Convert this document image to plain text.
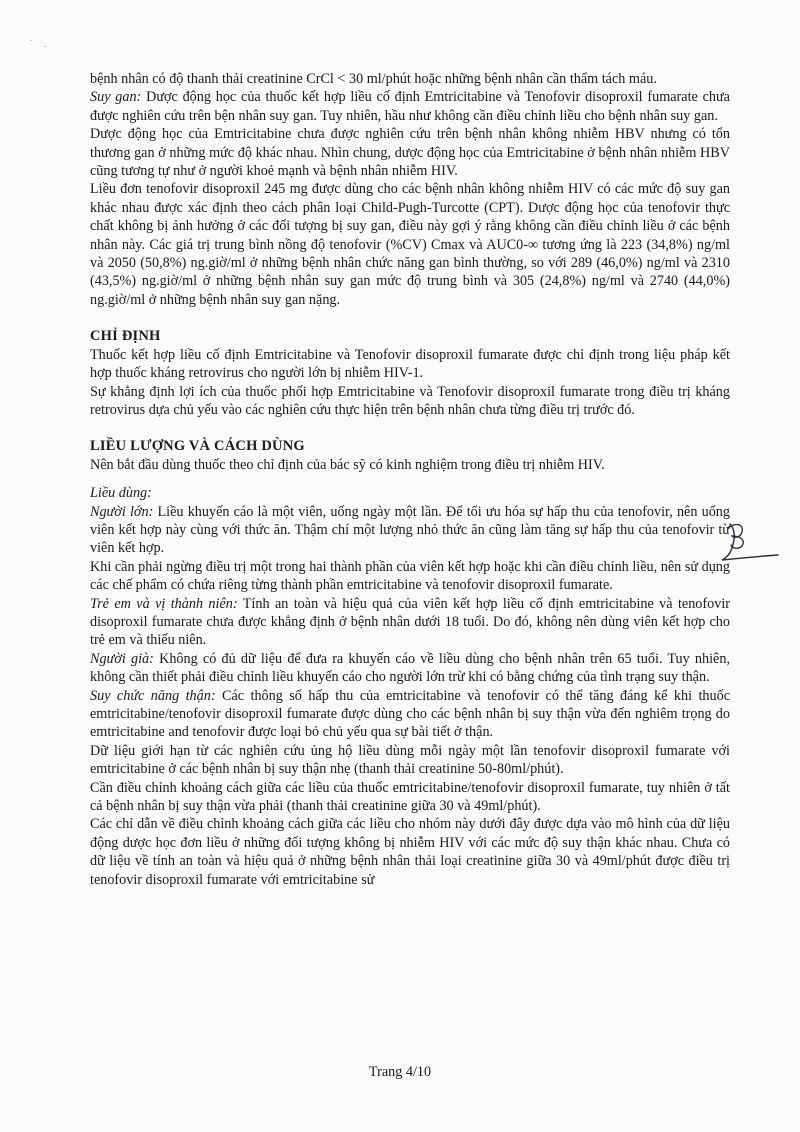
bệnh nhân có độ thanh thải creatinine CrCl < 30 ml/phút hoặc những bệnh nhân cần thẩm tách máu.

Suy gan: Dược động học của thuốc kết hợp liều cố định Emtricitabine và Tenofovir disoproxil fumarate chưa được nghiên cứu trên bện nhân suy gan. Tuy nhiên, hầu như không cần điều chỉnh liều cho bệnh nhân suy gan.

Dược động học của Emtricitabine chưa được nghiên cứu trên bệnh nhân không nhiễm HBV nhưng có tổn thương gan ở những mức độ khác nhau. Nhìn chung, dược động học của Emtricitabine ở bệnh nhân nhiễm HBV cũng tương tự như ở người khoẻ mạnh và bệnh nhân nhiễm HIV.

Liều đơn tenofovir disoproxil 245 mg được dùng cho các bệnh nhân không nhiễm HIV có các mức độ suy gan khác nhau được xác định theo cách phân loại Child-Pugh-Turcotte (CPT). Dược động học của tenofovir thực chất không bị ảnh hưởng ở các đối tượng bị suy gan, điều này gợi ý rằng không cần điều chỉnh liều ở các bệnh nhân này. Các giá trị trung bình nồng độ tenofovir (%CV) Cmax và AUC0-∞ tương ứng là 223 (34,8%) ng/ml và 2050 (50,8%) ng.giờ/ml ở những bệnh nhân chức năng gan bình thường, so với 289 (46,0%) ng/ml và 2310 (43,5%) ng.giờ/ml ở những bệnh nhân suy gan mức độ trung bình và 305 (24,8%) ng/ml và 2740 (44,0%) ng.giờ/ml ở những bệnh nhân suy gan nặng.

CHỈ ĐỊNH

Thuốc kết hợp liều cố định Emtricitabine và Tenofovir disoproxil fumarate được chỉ định trong liệu pháp kết hợp thuốc kháng retrovirus cho người lớn bị nhiễm HIV-1.

Sự khẳng định lợi ích của thuốc phối hợp Emtricitabine và Tenofovir disoproxil fumarate trong điều trị kháng retrovirus dựa chủ yếu vào các nghiên cứu thực hiện trên bệnh nhân chưa từng điều trị trước đó.

LIỀU LƯỢNG VÀ CÁCH DÙNG

Nên bắt đầu dùng thuốc theo chỉ định của bác sỹ có kinh nghiệm trong điều trị nhiễm HIV.

Liều dùng:

Người lớn: Liều khuyến cáo là một viên, uống ngày một lần. Để tối ưu hóa sự hấp thu của tenofovir, nên uống viên kết hợp này cùng với thức ăn. Thậm chí một lượng nhỏ thức ăn cũng làm tăng sự hấp thu của tenofovir từ viên kết hợp.

Khi cần phải ngừng điều trị một trong hai thành phần của viên kết hợp hoặc khi cần điều chỉnh liều, nên sử dụng các chế phẩm có chứa riêng từng thành phần emtricitabine và tenofovir disoproxil fumarate.

Trẻ em và vị thành niên: Tính an toàn và hiệu quả của viên kết hợp liều cố định emtricitabine và tenofovir disoproxil fumarate chưa được khẳng định ở bệnh nhân dưới 18 tuổi. Do đó, không nên dùng viên kết hợp cho trẻ em và thiếu niên.

Người già: Không có đủ dữ liệu để đưa ra khuyến cáo về liều dùng cho bệnh nhân trên 65 tuổi. Tuy nhiên, không cần thiết phải điều chỉnh liều khuyến cáo cho người lớn trừ khi có bằng chứng của tình trạng suy thận.

Suy chức năng thận: Các thông số hấp thu của emtricitabine và tenofovir có thể tăng đáng kể khi thuốc emtricitabine/tenofovir disoproxil fumarate được dùng cho các bệnh nhân bị suy thận vừa đến nghiêm trọng do emtricitabine and tenofovir được loại bỏ chủ yếu qua sự bài tiết ở thận.

Dữ liệu giới hạn từ các nghiên cứu ủng hộ liều dùng mỗi ngày một lần tenofovir disoproxil fumarate với emtricitabine ở các bệnh nhân bị suy thận nhẹ (thanh thải creatinine 50-80ml/phút).

Cần điều chỉnh khoảng cách giữa các liều của thuốc emtricitabine/tenofovir disoproxil fumarate, tuy nhiên ở tất cả bệnh nhân bị suy thận vừa phải (thanh thải creatinine giữa 30 và 49ml/phút).

Các chỉ dẫn về điều chỉnh khoảng cách giữa các liều cho nhóm này dưới đây được dựa vào mô hình của dữ liệu động dược học đơn liều ở những đối tượng không bị nhiễm HIV với các mức độ suy thận khác nhau. Chưa có dữ liệu về tính an toàn và hiệu quả ở những bệnh nhân thải loại creatinine giữa 30 và 49ml/phút được điều trị tenofovir disoproxil fumarate với emtricitabine sử

Trang 4/10
